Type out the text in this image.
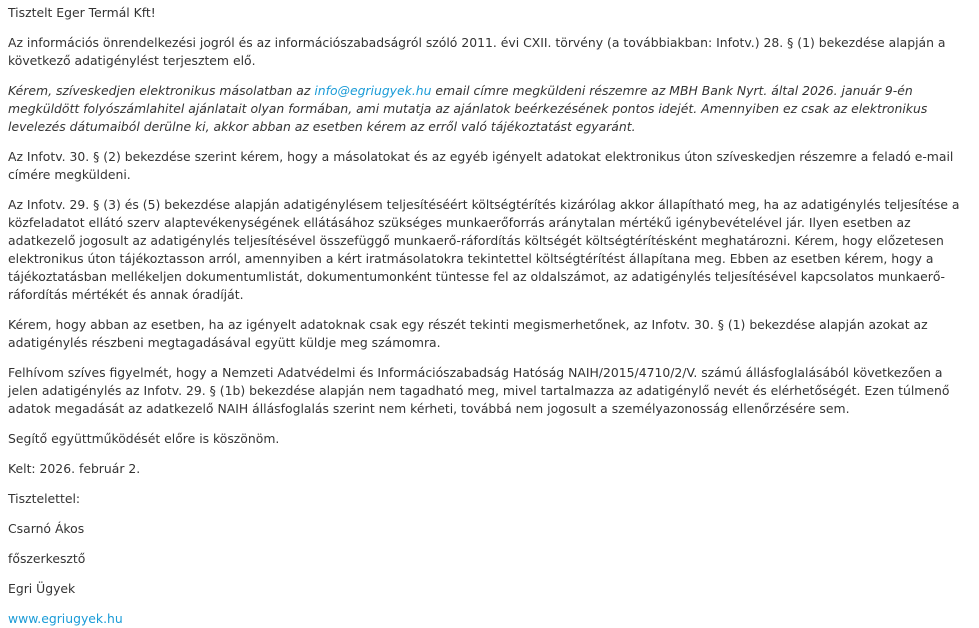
Tisztelt Eger Termál Kft!

Az információs önrendelkezési jogról és az információszabadságról szóló 2011. évi CXII. törvény (a továbbiakban: Infotv.) 28. § (1) bekezdése alapján a következő adatigénylést terjesztem elő.

Kérem, szíveskedjen elektronikus másolatban az info@egriugyek.hu email címre megküldeni részemre az MBH Bank Nyrt. által 2026. január 9-én megküldött folyószámlahitel ajánlatait olyan formában, ami mutatja az ajánlatok beérkezésének pontos idejét. Amennyiben ez csak az elektronikus levelezés dátumaiból derülne ki, akkor abban az esetben kérem az erről való tájékoztatást egyaránt.

Az Infotv. 30. § (2) bekezdése szerint kérem, hogy a másolatokat és az egyéb igényelt adatokat elektronikus úton szíveskedjen részemre a feladó e-mail címére megküldeni.

Az Infotv. 29. § (3) és (5) bekezdése alapján adatigénylésem teljesítéséért költségtérítés kizárólag akkor állapítható meg, ha az adatigénylés teljesítése a közfeladatot ellátó szerv alaptevékenységének ellátásához szükséges munkaerőforrás aránytalan mértékű igénybevételével jár. Ilyen esetben az adatkezelő jogosult az adatigénylés teljesítésével összefüggő munkaerő-ráfordítás költségét költségtérítésként meghatározni. Kérem, hogy előzetesen elektronikus úton tájékoztasson arról, amennyiben a kért iratmásolatokra tekintettel költségtérítést állapítana meg. Ebben az esetben kérem, hogy a tájékoztatásban mellékeljen dokumentumlistát, dokumentumonként tüntesse fel az oldalszámot, az adatigénylés teljesítésével kapcsolatos munkaerő-ráfordítás mértékét és annak óradíját.

Kérem, hogy abban az esetben, ha az igényelt adatoknak csak egy részét tekinti megismerhetőnek, az Infotv. 30. § (1) bekezdése alapján azokat az adatigénylés részbeni megtagadásával együtt küldje meg számomra.

Felhívom szíves figyelmét, hogy a Nemzeti Adatvédelmi és Információszabadság Hatóság NAIH/2015/4710/2/V. számú állásfoglalásából következően a jelen adatigénylés az Infotv. 29. § (1b) bekezdése alapján nem tagadható meg, mivel tartalmazza az adatigénylő nevét és elérhetőségét. Ezen túlmenő adatok megadását az adatkezelő NAIH állásfoglalás szerint nem kérheti, továbbá nem jogosult a személyazonosság ellenőrzésére sem.

Segítő együttműködését előre is köszönöm.

Kelt: 2026. február 2.

Tisztelettel:

Csarnó Ákos

főszerkesztő

Egri Ügyek

www.egriugyek.hu
